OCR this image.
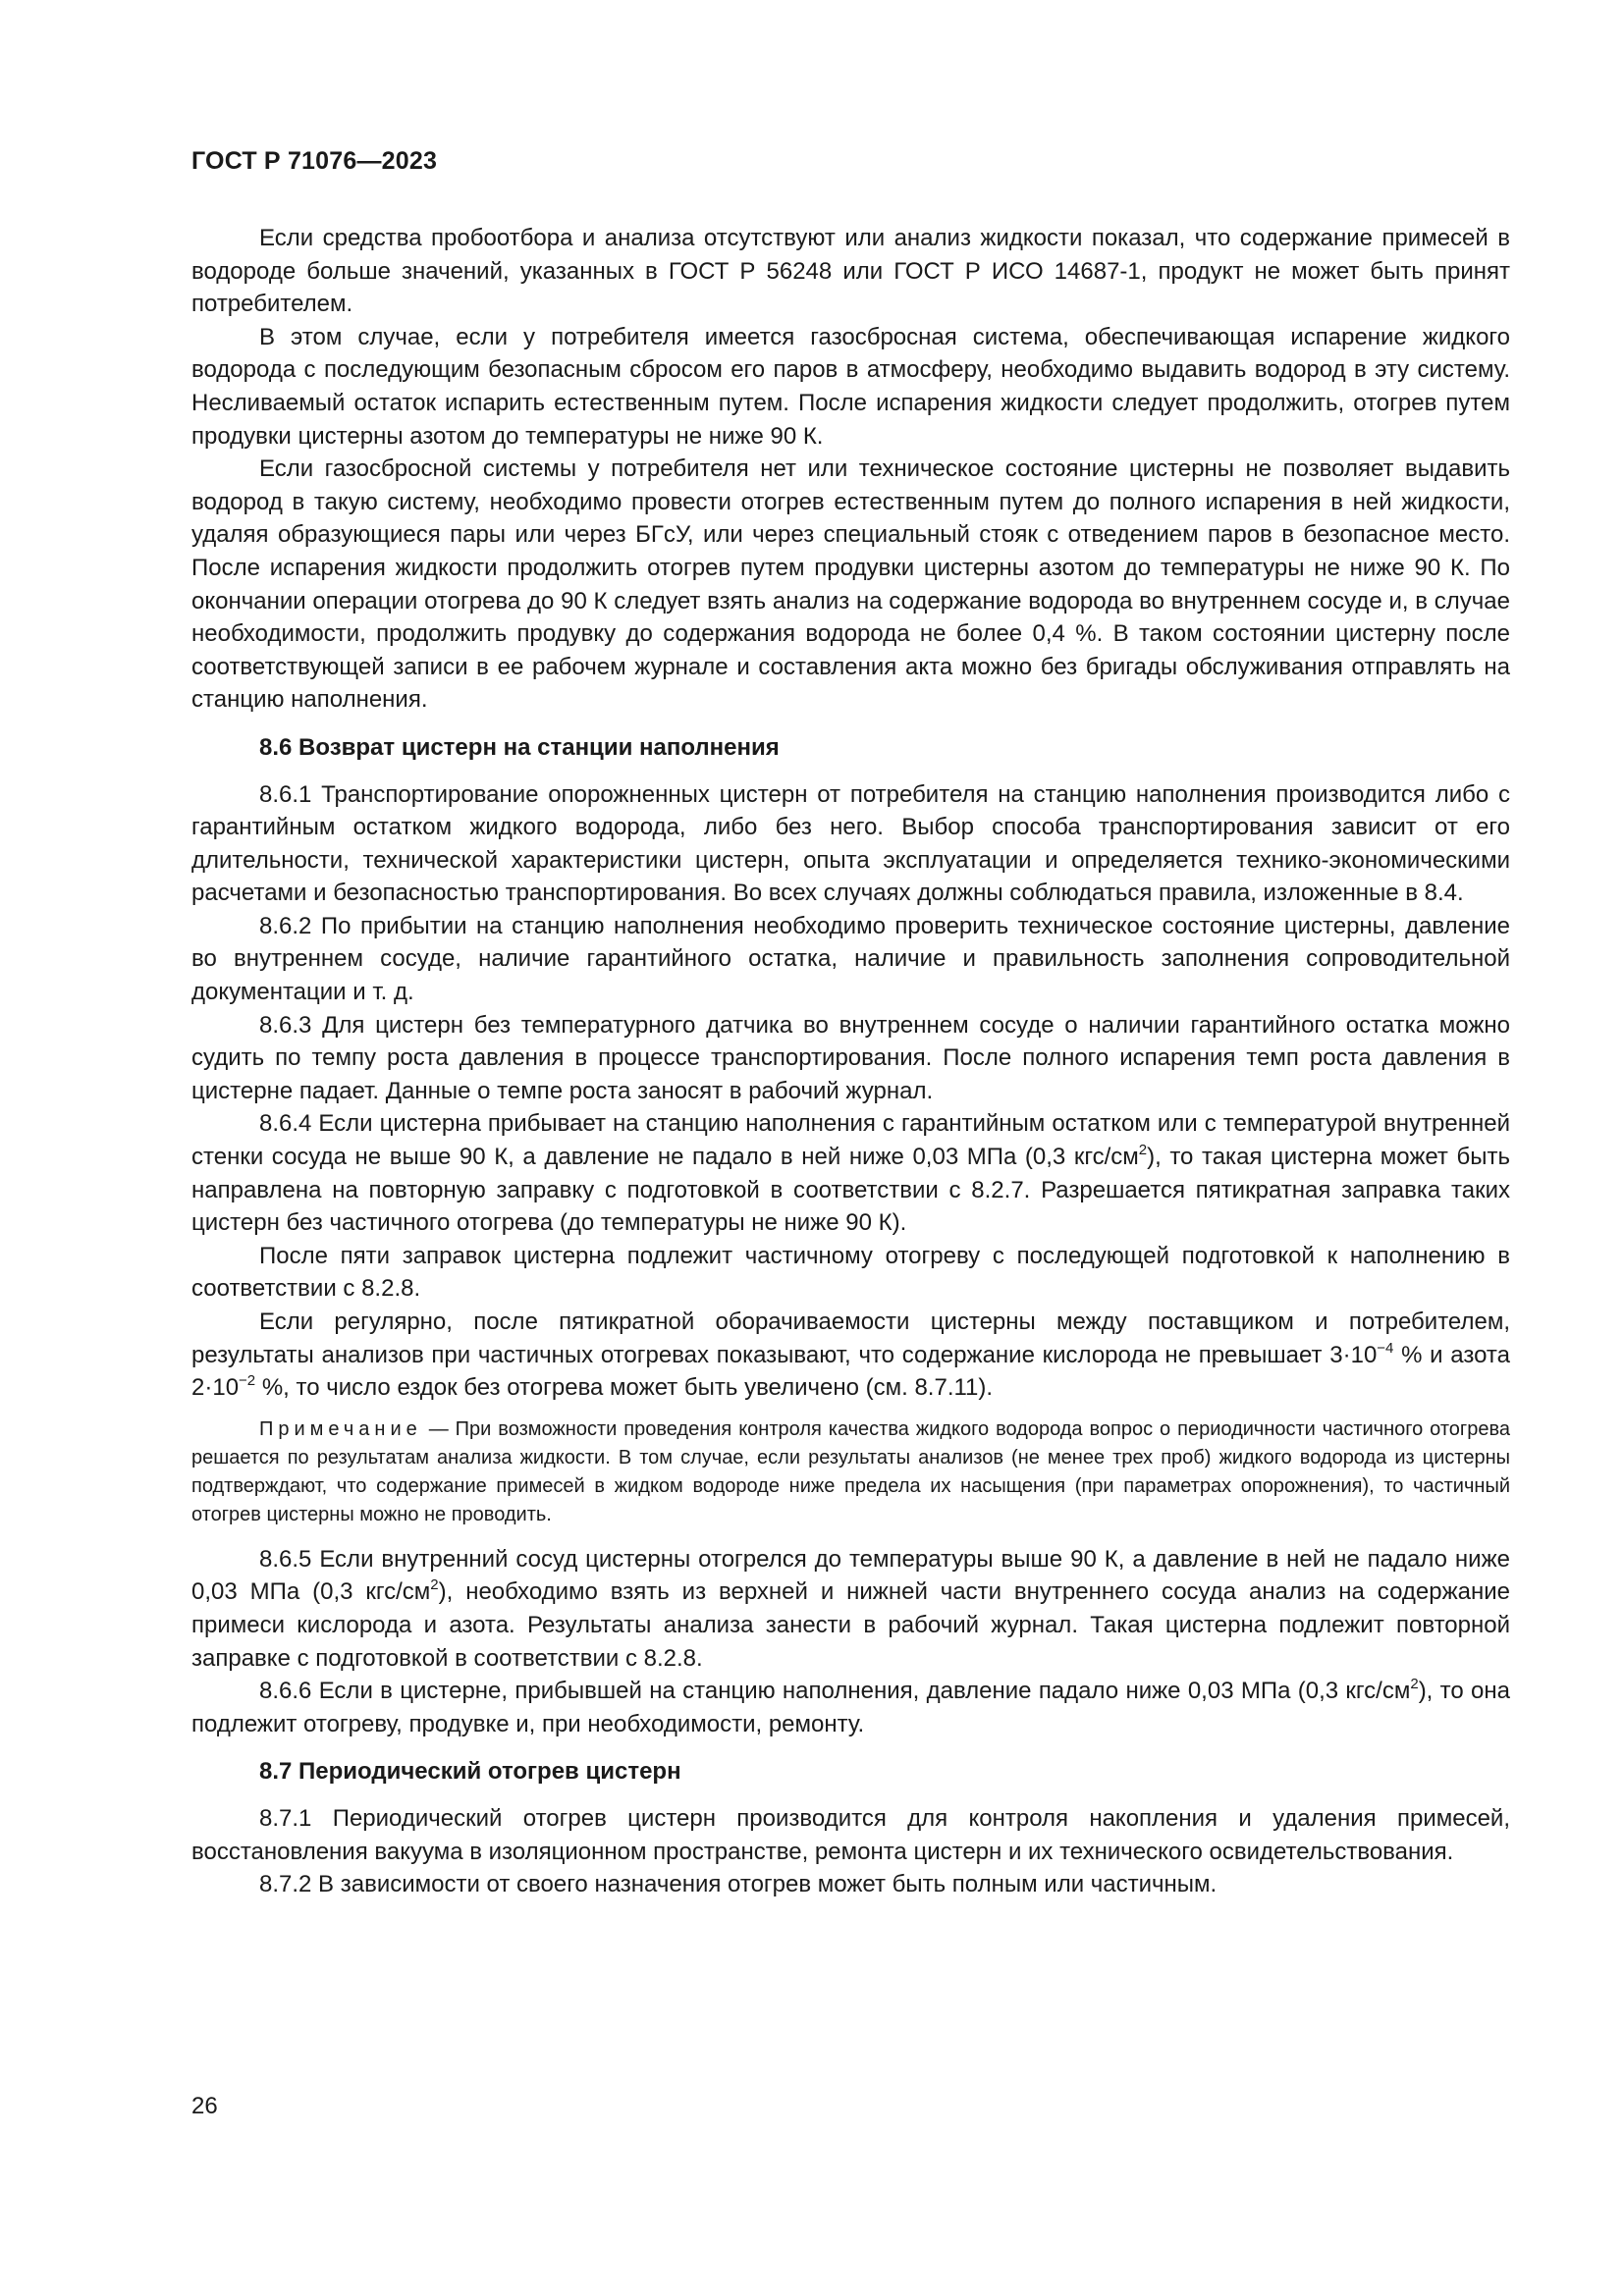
ГОСТ Р 71076—2023

Если средства пробоотбора и анализа отсутствуют или анализ жидкости показал, что содержание примесей в водороде больше значений, указанных в ГОСТ Р 56248 или ГОСТ Р ИСО 14687-1, продукт не может быть принят потребителем.

В этом случае, если у потребителя имеется газосбросная система, обеспечивающая испарение жидкого водорода с последующим безопасным сбросом его паров в атмосферу, необходимо выдавить водород в эту систему. Несливаемый остаток испарить естественным путем. После испарения жидкости следует продолжить, отогрев путем продувки цистерны азотом до температуры не ниже 90 К.

Если газосбросной системы у потребителя нет или техническое состояние цистерны не позволяет выдавить водород в такую систему, необходимо провести отогрев естественным путем до полного испарения в ней жидкости, удаляя образующиеся пары или через БГсУ, или через специальный стояк с отведением паров в безопасное место. После испарения жидкости продолжить отогрев путем продувки цистерны азотом до температуры не ниже 90 К. По окончании операции отогрева до 90 К следует взять анализ на содержание водорода во внутреннем сосуде и, в случае необходимости, продолжить продувку до содержания водорода не более 0,4 %. В таком состоянии цистерну после соответствующей записи в ее рабочем журнале и составления акта можно без бригады обслуживания отправлять на станцию наполнения.

8.6 Возврат цистерн на станции наполнения

8.6.1 Транспортирование опорожненных цистерн от потребителя на станцию наполнения производится либо с гарантийным остатком жидкого водорода, либо без него. Выбор способа транспортирования зависит от его длительности, технической характеристики цистерн, опыта эксплуатации и определяется технико-экономическими расчетами и безопасностью транспортирования. Во всех случаях должны соблюдаться правила, изложенные в 8.4.

8.6.2 По прибытии на станцию наполнения необходимо проверить техническое состояние цистерны, давление во внутреннем сосуде, наличие гарантийного остатка, наличие и правильность заполнения сопроводительной документации и т. д.

8.6.3 Для цистерн без температурного датчика во внутреннем сосуде о наличии гарантийного остатка можно судить по темпу роста давления в процессе транспортирования. После полного испарения темп роста давления в цистерне падает. Данные о темпе роста заносят в рабочий журнал.

8.6.4 Если цистерна прибывает на станцию наполнения с гарантийным остатком или с температурой внутренней стенки сосуда не выше 90 К, а давление не падало в ней ниже 0,03 МПа (0,3 кгс/$см^2$), то такая цистерна может быть направлена на повторную заправку с подготовкой в соответствии с 8.2.7. Разрешается пятикратная заправка таких цистерн без частичного отогрева (до температуры не ниже 90 К).

После пяти заправок цистерна подлежит частичному отогреву с последующей подготовкой к наполнению в соответствии с 8.2.8.

Если регулярно, после пятикратной оборачиваемости цистерны между поставщиком и потребителем, результаты анализов при частичных отогревах показывают, что содержание кислорода не превышает $3\cdot 10^{-4}$ % и азота $2\cdot 10^{-2}$ %, то число ездок без отогрева может быть увеличено (см. 8.7.11).

Примечание — При возможности проведения контроля качества жидкого водорода вопрос о периодичности частичного отогрева решается по результатам анализа жидкости. В том случае, если результаты анализов (не менее трех проб) жидкого водорода из цистерны подтверждают, что содержание примесей в жидком водороде ниже предела их насыщения (при параметрах опорожнения), то частичный отогрев цистерны можно не проводить.

8.6.5 Если внутренний сосуд цистерны отогрелся до температуры выше 90 К, а давление в ней не падало ниже 0,03 МПа (0,3 кгс/$см^2$), необходимо взять из верхней и нижней части внутреннего сосуда анализ на содержание примеси кислорода и азота. Результаты анализа занести в рабочий журнал. Такая цистерна подлежит повторной заправке с подготовкой в соответствии с 8.2.8.

8.6.6 Если в цистерне, прибывшей на станцию наполнения, давление падало ниже 0,03 МПа (0,3 кгс/$см^2$), то она подлежит отогреву, продувке и, при необходимости, ремонту.

8.7 Периодический отогрев цистерн

8.7.1 Периодический отогрев цистерн производится для контроля накопления и удаления примесей, восстановления вакуума в изоляционном пространстве, ремонта цистерн и их технического освидетельствования.

8.7.2 В зависимости от своего назначения отогрев может быть полным или частичным.

26
